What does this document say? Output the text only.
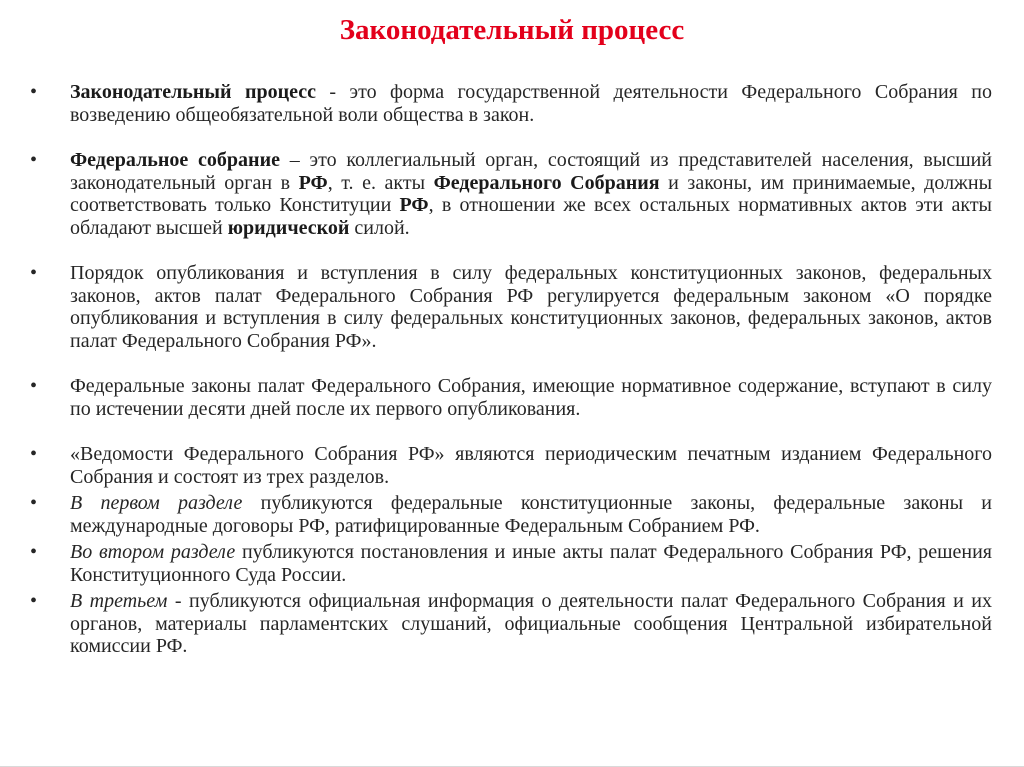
Законодательный процесс
•	Законодательный процесс - это форма государственной деятельности Федерального Собрания по возведению общеобязательной воли общества в закон.
•	Федеральное собрание – это коллегиальный орган, состоящий из представителей населения, высший законодательный орган в РФ, т. е. акты Федерального Собрания и законы, им принимаемые, должны соответствовать только Конституции РФ, в отношении же всех остальных нормативных актов эти акты обладают высшей юридической силой.
•	Порядок опубликования и вступления в силу федеральных конституционных законов, федеральных законов, актов палат Федерального Собрания РФ регулируется федеральным законом «О порядке опубликования и вступления в силу федеральных конституционных законов, федеральных законов, актов палат Федерального Собрания РФ».
•	Федеральные законы палат Федерального Собрания, имеющие нормативное содержание, вступают в силу по истечении десяти дней после их первого опубликования.
•	«Ведомости Федерального Собрания РФ» являются периодическим печатным изданием Федерального Собрания и состоят из трех разделов.
•	В первом разделе публикуются федеральные конституционные законы, федеральные законы и международные договоры РФ, ратифицированные Федеральным Собранием РФ.
•	Во втором разделе публикуются постановления и иные акты палат Федерального Собрания РФ, решения Конституционного Суда России.
•	В третьем - публикуются официальная информация о деятельности палат Федерального Собрания и их органов, материалы парламентских слушаний, официальные сообщения Центральной избирательной комиссии РФ.
